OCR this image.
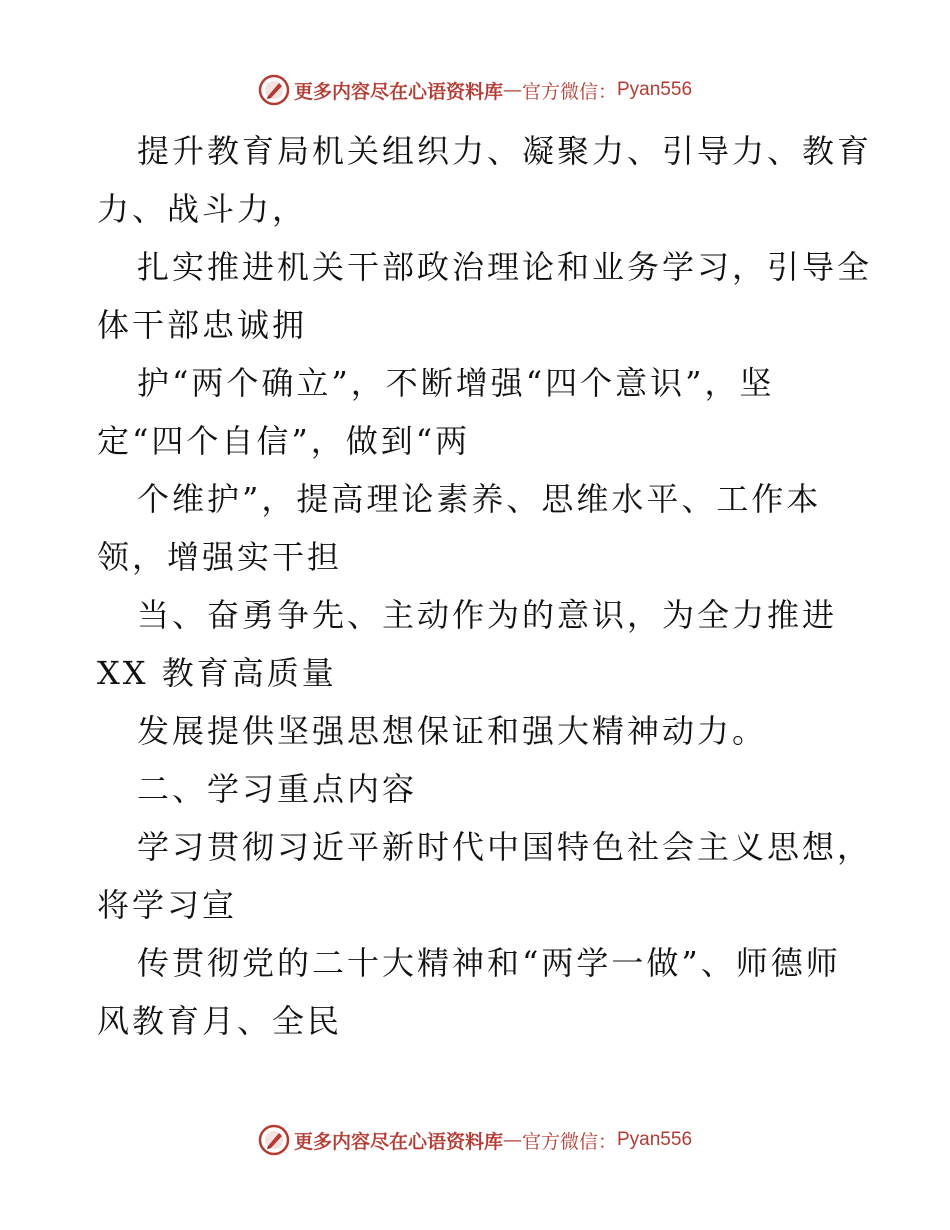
更多内容尽在心语资料库 — 官方微信： Pyan556
提升教育局机关组织力、凝聚力、引导力、教育
力、战斗力，
扎实推进机关干部政治理论和业务学习，引导全
体干部忠诚拥
护“两个确立”，不断增强“四个意识”，坚
定“四个自信”，做到“两
个维护”，提高理论素养、思维水平、工作本
领，增强实干担
当、奋勇争先、主动作为的意识，为全力推进
XX 教育高质量
发展提供坚强思想保证和强大精神动力。
二、学习重点内容
学习贯彻习近平新时代中国特色社会主义思想，
将学习宣
传贯彻党的二十大精神和“两学一做”、师德师
风教育月、全民
更多内容尽在心语资料库 — 官方微信： Pyan556
